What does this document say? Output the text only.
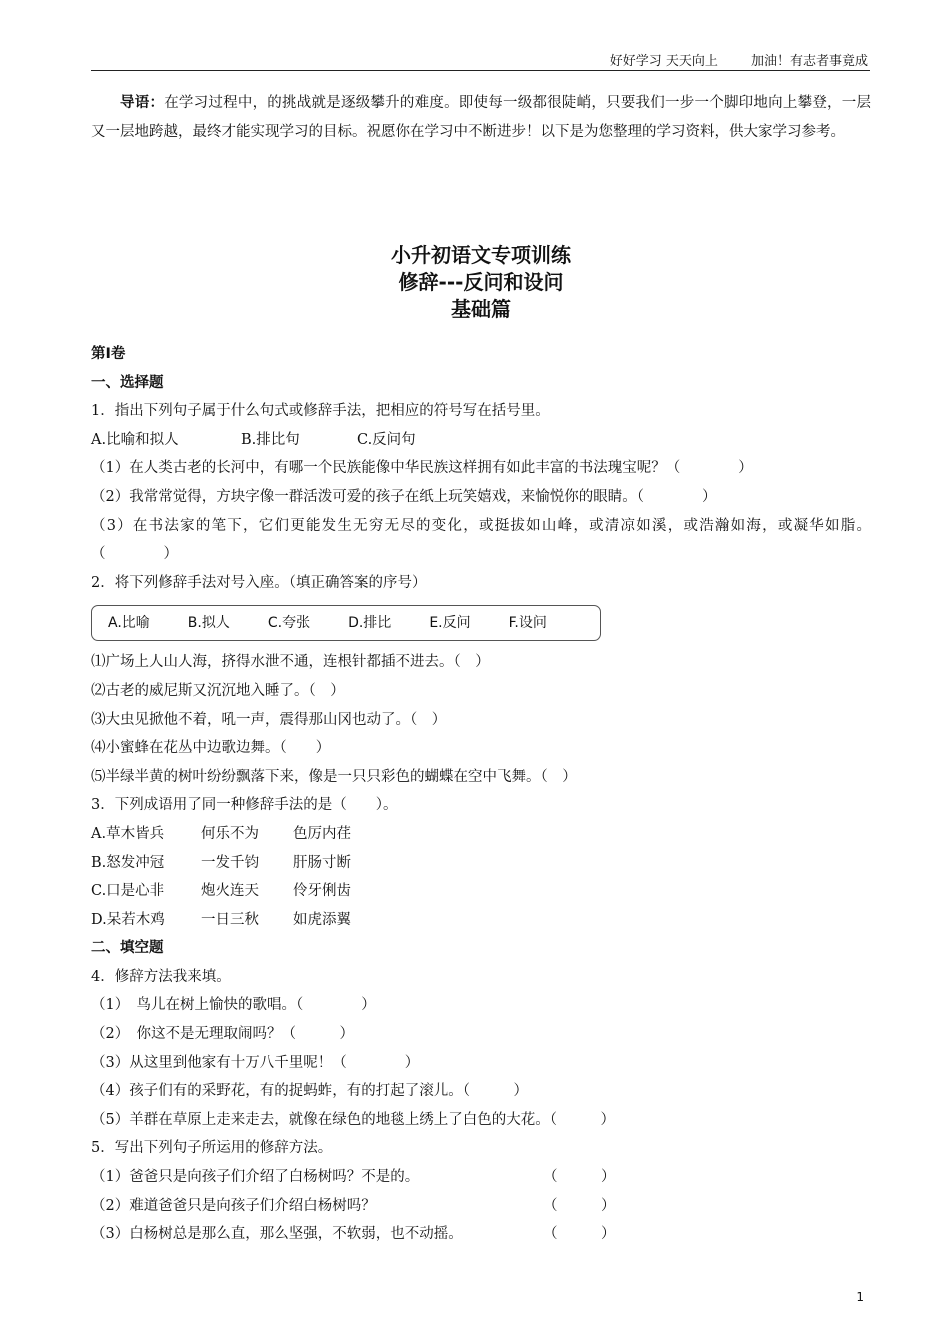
好好学习 天天向上	加油！有志者事竟成
导语：在学习过程中，的挑战就是逐级攀升的难度。即使每一级都很陡峭，只要我们一步一个脚印地向上攀登，一层又一层地跨越，最终才能实现学习的目标。祝愿你在学习中不断进步！以下是为您整理的学习资料，供大家学习参考。
小升初语文专项训练
修辞---反问和设问
基础篇
第Ⅰ卷
一、选择题
1．指出下列句子属于什么句式或修辞手法，把相应的符号写在括号里。
A.比喻和拟人	B.排比句	C.反问句
（1）在人类古老的长河中，有哪一个民族能像中华民族这样拥有如此丰富的书法瑰宝呢？（　　　　）
（2）我常常觉得，方块字像一群活泼可爱的孩子在纸上玩笑嬉戏，来愉悦你的眼睛。（　　　　）
（3）在书法家的笔下，它们更能发生无穷无尽的变化，或挺拔如山峰，或清凉如溪，或浩瀚如海，或凝华如脂。（　　　　）
2．将下列修辞手法对号入座。（填正确答案的序号）
A.比喻	B.拟人	C.夸张	D.排比	E.反问	F.设问
⑴广场上人山人海，挤得水泄不通，连根针都插不进去。（　）
⑵古老的威尼斯又沉沉地入睡了。（　）
⑶大虫见掀他不着，吼一声，震得那山冈也动了。（　）
⑷小蜜蜂在花丛中边歌边舞。（　　）
⑸半绿半黄的树叶纷纷飘落下来，像是一只只彩色的蝴蝶在空中飞舞。（　）
3．下列成语用了同一种修辞手法的是（　　）。
A.草木皆兵	何乐不为 色厉内荏
B.怒发冲冠	一发千钧 肝肠寸断
C.口是心非	炮火连天 伶牙俐齿
D.呆若木鸡	一日三秋 如虎添翼
二、填空题
4．修辞方法我来填。
（1）　鸟儿在树上愉快的歌唱。（　　　　）
（2）　你这不是无理取闹吗？（　　　）
（3）从这里到他家有十万八千里呢！（　　　　）
（4）孩子们有的采野花，有的捉蚂蚱，有的打起了滚儿。（　　　）
（5）羊群在草原上走来走去，就像在绿色的地毯上绣上了白色的大花。（　　　）
5．写出下列句子所运用的修辞方法。
（1）爸爸只是向孩子们介绍了白杨树吗？不是的。	（　　　）
（2）难道爸爸只是向孩子们介绍白杨树吗？	（　　　）
（3）白杨树总是那么直，那么坚强，不软弱，也不动摇。	（　　　）
1
